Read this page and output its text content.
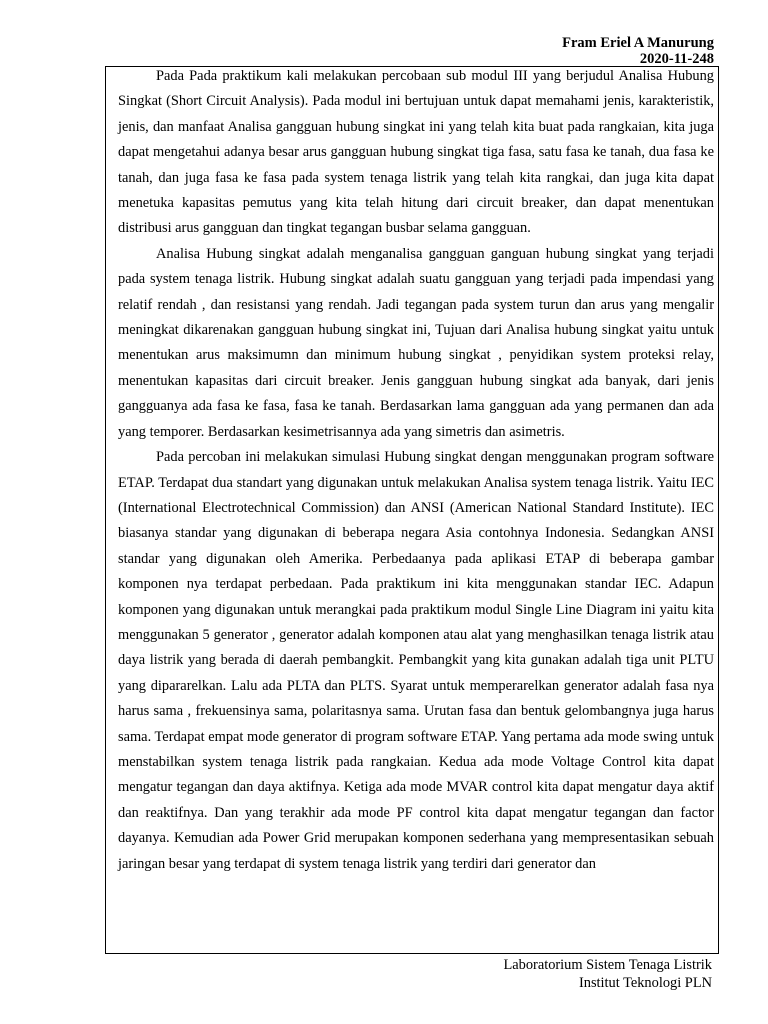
Fram Eriel A Manurung
2020-11-248

Pada Pada praktikum kali melakukan percobaan sub modul III yang berjudul Analisa Hubung Singkat (Short Circuit Analysis). Pada modul ini bertujuan untuk dapat memahami jenis, karakteristik, jenis, dan manfaat Analisa gangguan hubung singkat ini yang telah kita buat pada rangkaian, kita juga dapat mengetahui adanya besar arus gangguan hubung singkat tiga fasa, satu fasa ke tanah, dua fasa ke tanah, dan juga fasa ke fasa pada system tenaga listrik yang telah kita rangkai, dan juga kita dapat menetuka kapasitas pemutus yang kita telah hitung dari circuit breaker, dan dapat menentukan distribusi arus gangguan dan tingkat tegangan busbar selama gangguan.

Analisa Hubung singkat adalah menganalisa gangguan ganguan hubung singkat yang terjadi pada system tenaga listrik. Hubung singkat adalah suatu gangguan yang terjadi pada impendasi yang relatif rendah , dan resistansi yang rendah. Jadi tegangan pada system turun dan arus yang mengalir meningkat dikarenakan gangguan hubung singkat ini, Tujuan dari Analisa hubung singkat yaitu untuk menentukan arus maksimumn dan minimum hubung singkat , penyidikan system proteksi relay, menentukan kapasitas dari circuit breaker. Jenis gangguan hubung singkat ada banyak, dari jenis gangguanya ada fasa ke fasa, fasa ke tanah. Berdasarkan lama gangguan ada yang permanen dan ada yang temporer. Berdasarkan kesimetrisannya ada yang simetris dan asimetris.

Pada percoban ini melakukan simulasi Hubung singkat dengan menggunakan program software ETAP. Terdapat dua standart yang digunakan untuk melakukan Analisa system tenaga listrik. Yaitu IEC (International Electrotechnical Commission) dan ANSI (American National Standard Institute). IEC biasanya standar yang digunakan di beberapa negara Asia contohnya Indonesia. Sedangkan ANSI standar yang digunakan oleh Amerika. Perbedaanya pada aplikasi ETAP di beberapa gambar komponen nya terdapat perbedaan. Pada praktikum ini kita menggunakan standar IEC. Adapun komponen yang digunakan untuk merangkai pada praktikum modul Single Line Diagram ini yaitu kita menggunakan 5 generator , generator adalah komponen atau alat yang menghasilkan tenaga listrik atau daya listrik yang berada di daerah pembangkit. Pembangkit yang kita gunakan adalah tiga unit PLTU yang dipararelkan. Lalu ada PLTA dan PLTS. Syarat untuk memperarelkan generator adalah fasa nya harus sama , frekuensinya sama, polaritasnya sama. Urutan fasa dan bentuk gelombangnya juga harus sama. Terdapat empat mode generator di program software ETAP. Yang pertama ada mode swing untuk menstabilkan system tenaga listrik pada rangkaian. Kedua ada mode Voltage Control kita dapat mengatur tegangan dan daya aktifnya. Ketiga ada mode MVAR control kita dapat mengatur daya aktif dan reaktifnya. Dan yang terakhir ada mode PF control kita dapat mengatur tegangan dan factor dayanya. Kemudian ada Power Grid merupakan komponen sederhana yang mempresentasikan sebuah jaringan besar yang terdapat di system tenaga listrik yang terdiri dari generator dan

Laboratorium Sistem Tenaga Listrik
Institut Teknologi PLN
